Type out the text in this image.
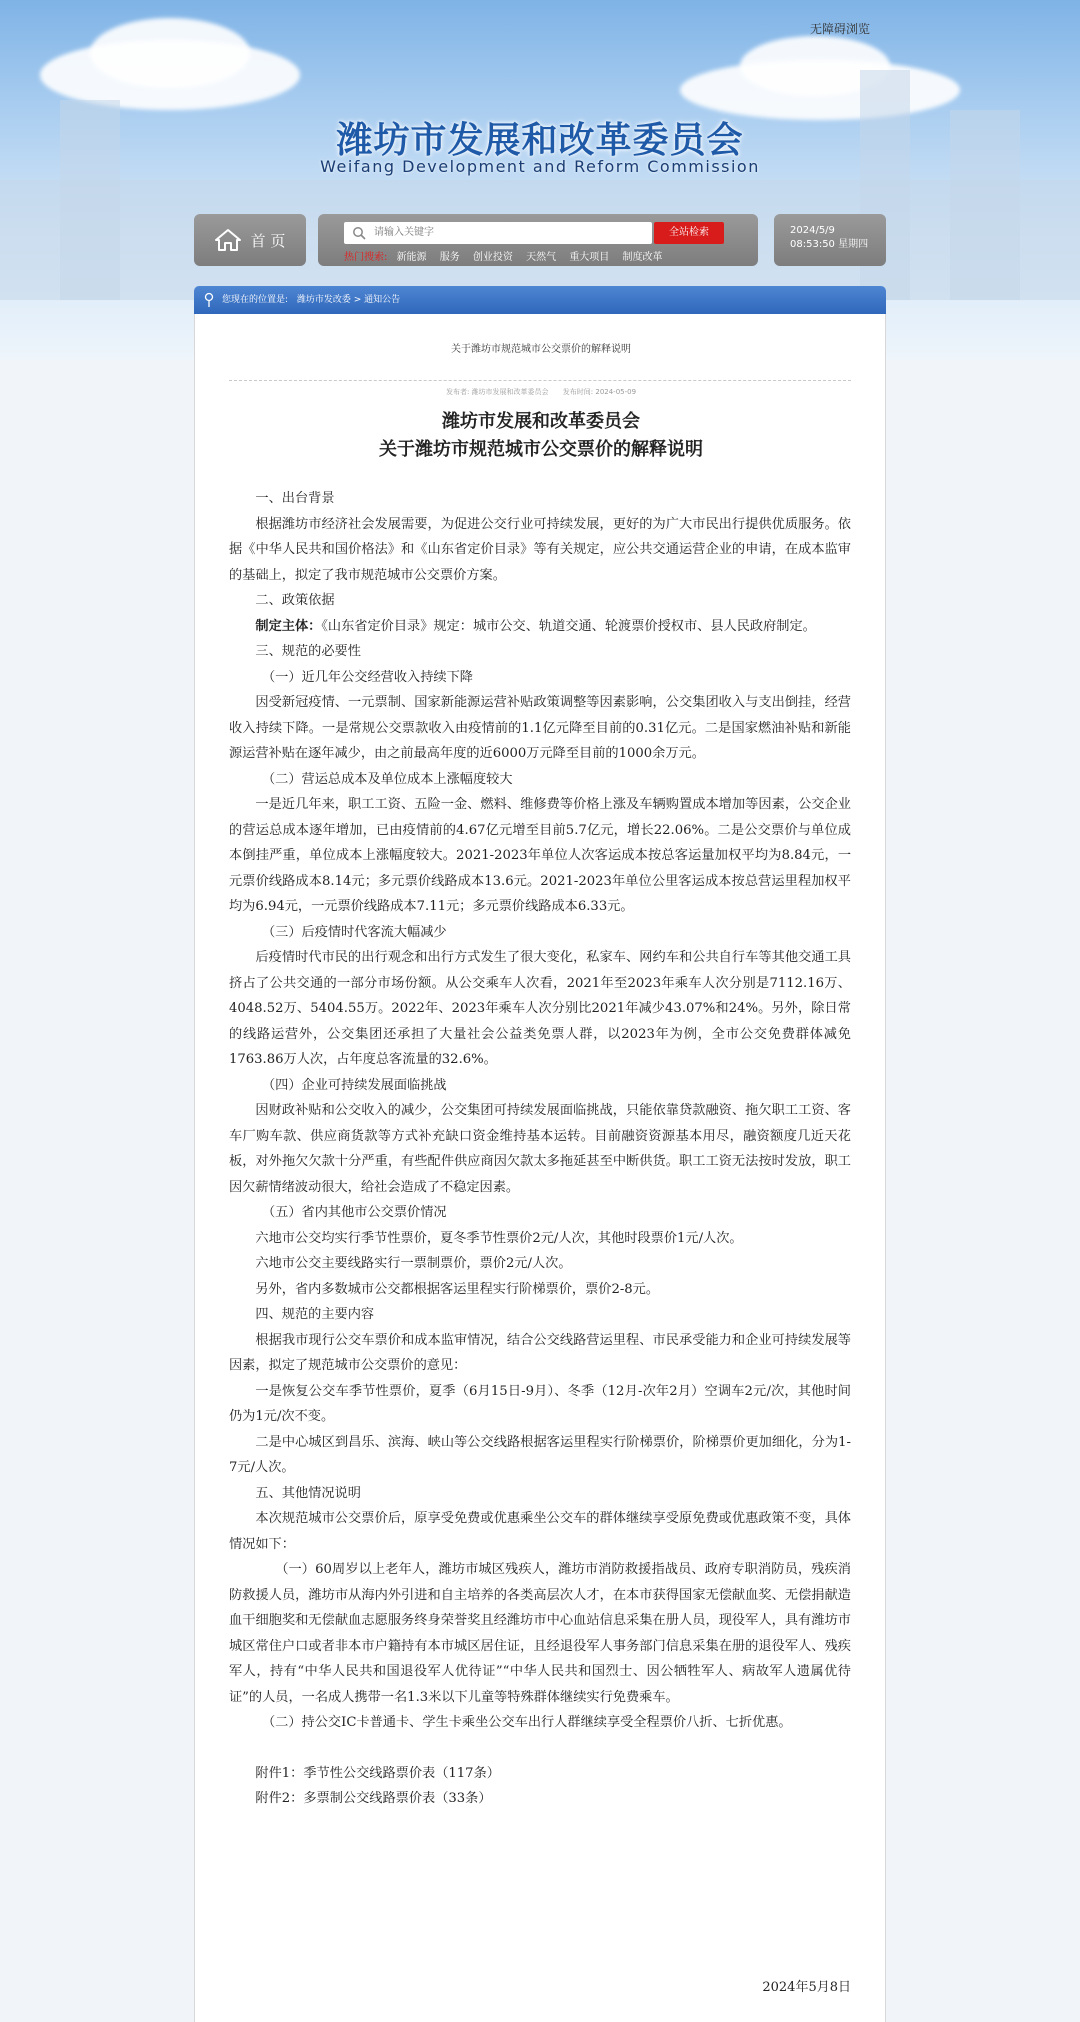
无障碍浏览
潍坊市发展和改革委员会
Weifang Development and Reform Commission
首 页
请输入关键字	全站检索
热门搜索: 新能源 服务 创业投资 天然气 重大项目 制度改革
2024/5/9
08:53:50 星期四
您现在的位置是: 潍坊市发改委 > 通知公告
关于潍坊市规范城市公交票价的解释说明
发布者: 潍坊市发展和改革委员会 发布时间: 2024-05-09
潍坊市发展和改革委员会
关于潍坊市规范城市公交票价的解释说明

一、出台背景

根据潍坊市经济社会发展需要，为促进公交行业可持续发展，更好的为广大市民出行提供优质服务。依据《中华人民共和国价格法》和《山东省定价目录》等有关规定，应公共交通运营企业的申请，在成本监审的基础上，拟定了我市规范城市公交票价方案。

二、政策依据

制定主体：《山东省定价目录》规定：城市公交、轨道交通、轮渡票价授权市、县人民政府制定。

三、规范的必要性

（一）近几年公交经营收入持续下降

因受新冠疫情、一元票制、国家新能源运营补贴政策调整等因素影响，公交集团收入与支出倒挂，经营收入持续下降。一是常规公交票款收入由疫情前的1.1亿元降至目前的0.31亿元。二是国家燃油补贴和新能源运营补贴在逐年减少，由之前最高年度的近6000万元降至目前的1000余万元。

（二）营运总成本及单位成本上涨幅度较大

一是近几年来，职工工资、五险一金、燃料、维修费等价格上涨及车辆购置成本增加等因素，公交企业的营运总成本逐年增加，已由疫情前的4.67亿元增至目前5.7亿元，增长22.06%。二是公交票价与单位成本倒挂严重，单位成本上涨幅度较大。2021-2023年单位人次客运成本按总客运量加权平均为8.84元，一元票价线路成本8.14元；多元票价线路成本13.6元。2021-2023年单位公里客运成本按总营运里程加权平均为6.94元，一元票价线路成本7.11元；多元票价线路成本6.33元。

（三）后疫情时代客流大幅减少

后疫情时代市民的出行观念和出行方式发生了很大变化，私家车、网约车和公共自行车等其他交通工具挤占了公共交通的一部分市场份额。从公交乘车人次看，2021年至2023年乘车人次分别是7112.16万、4048.52万、5404.55万。2022年、2023年乘车人次分别比2021年减少43.07%和24%。另外，除日常的线路运营外，公交集团还承担了大量社会公益类免票人群，以2023年为例，全市公交免费群体减免1763.86万人次，占年度总客流量的32.6%。

（四）企业可持续发展面临挑战

因财政补贴和公交收入的减少，公交集团可持续发展面临挑战，只能依靠贷款融资、拖欠职工工资、客车厂购车款、供应商货款等方式补充缺口资金维持基本运转。目前融资资源基本用尽，融资额度几近天花板，对外拖欠欠款十分严重，有些配件供应商因欠款太多拖延甚至中断供货。职工工资无法按时发放，职工因欠薪情绪波动很大，给社会造成了不稳定因素。

（五）省内其他市公交票价情况

六地市公交均实行季节性票价，夏冬季节性票价2元/人次，其他时段票价1元/人次。

六地市公交主要线路实行一票制票价，票价2元/人次。

另外，省内多数城市公交都根据客运里程实行阶梯票价，票价2-8元。

四、规范的主要内容

根据我市现行公交车票价和成本监审情况，结合公交线路营运里程、市民承受能力和企业可持续发展等因素，拟定了规范城市公交票价的意见：

一是恢复公交车季节性票价，夏季（6月15日-9月）、冬季（12月-次年2月）空调车2元/次，其他时间仍为1元/次不变。

二是中心城区到昌乐、滨海、峡山等公交线路根据客运里程实行阶梯票价，阶梯票价更加细化，分为1-7元/人次。

五、其他情况说明

本次规范城市公交票价后，原享受免费或优惠乘坐公交车的群体继续享受原免费或优惠政策不变，具体情况如下：

（一）60周岁以上老年人，潍坊市城区残疾人，潍坊市消防救援指战员、政府专职消防员，残疾消防救援人员，潍坊市从海内外引进和自主培养的各类高层次人才，在本市获得国家无偿献血奖、无偿捐献造血干细胞奖和无偿献血志愿服务终身荣誉奖且经潍坊市中心血站信息采集在册人员，现役军人，具有潍坊市城区常住户口或者非本市户籍持有本市城区居住证，且经退役军人事务部门信息采集在册的退役军人、残疾军人，持有“中华人民共和国退役军人优待证”“中华人民共和国烈士、因公牺牲军人、病故军人遗属优待证”的人员，一名成人携带一名1.3米以下儿童等特殊群体继续实行免费乘车。

（二）持公交IC卡普通卡、学生卡乘坐公交车出行人群继续享受全程票价八折、七折优惠。

附件1：季节性公交线路票价表（117条）

附件2：多票制公交线路票价表（33条）

2024年5月8日
